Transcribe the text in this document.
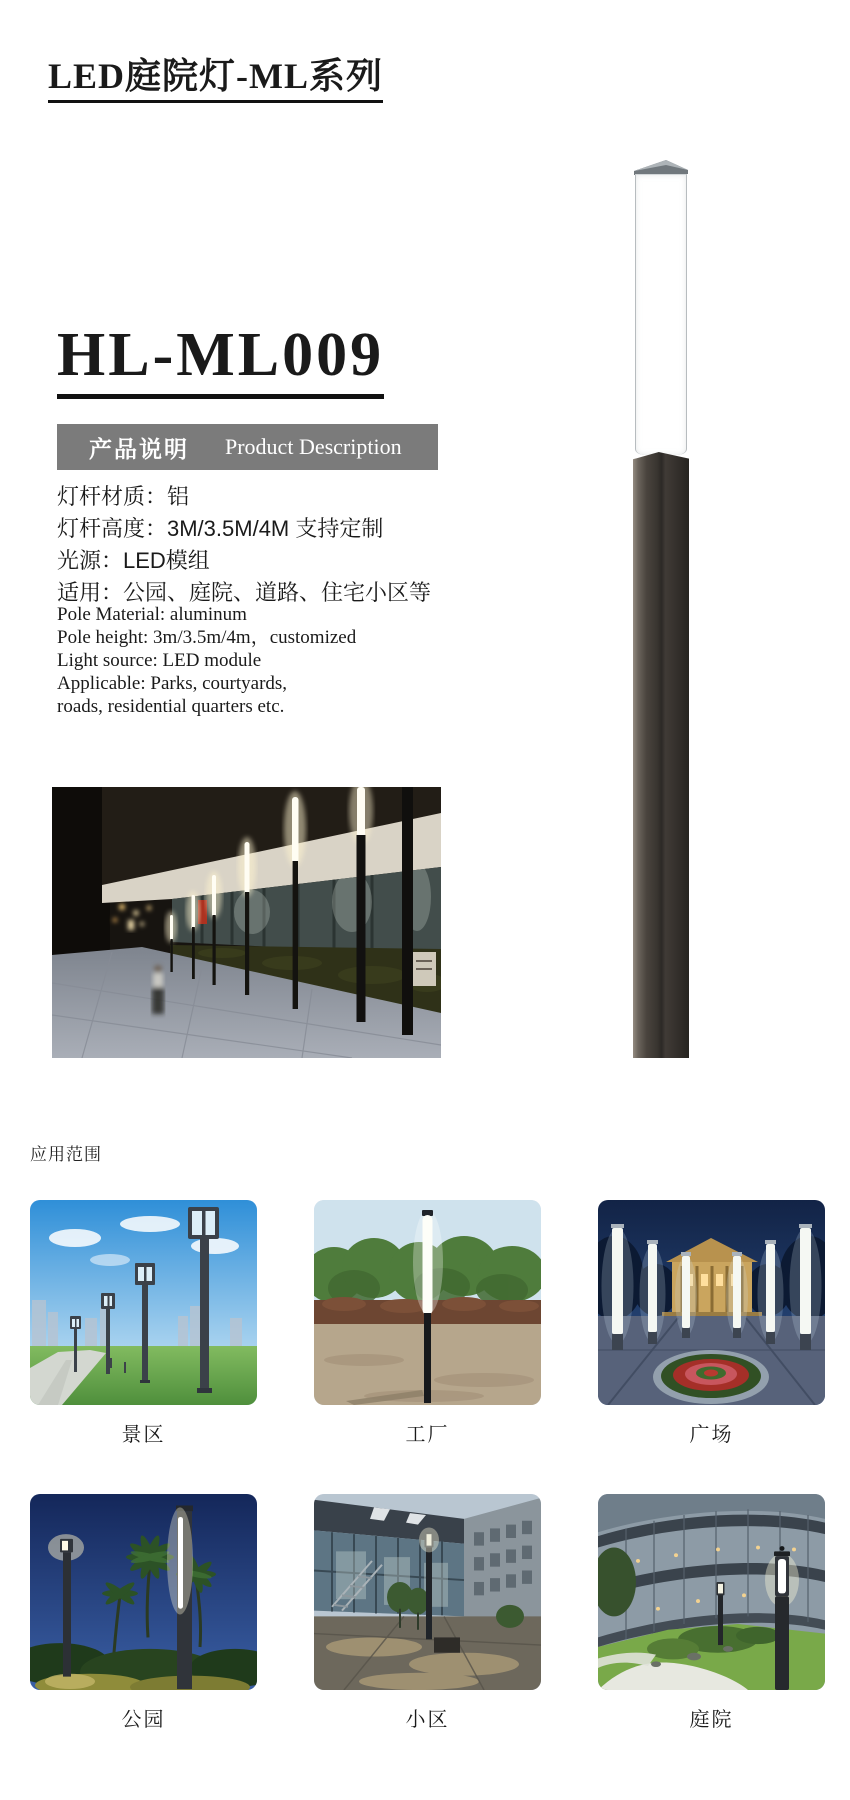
LED庭院灯-ML系列
HL-ML009
产品说明 Product Description

灯杆材质：铝

灯杆高度：3M/3.5M/4M 支持定制

光源：LED模组

适用：公园、庭院、道路、住宅小区等

Pole Material: aluminum

Pole height: 3m/3.5m/4m，customized

Light source: LED module

Applicable: Parks, courtyards,

roads, residential quarters etc.

应用范围
景区	工厂	广场
公园	小区	庭院
